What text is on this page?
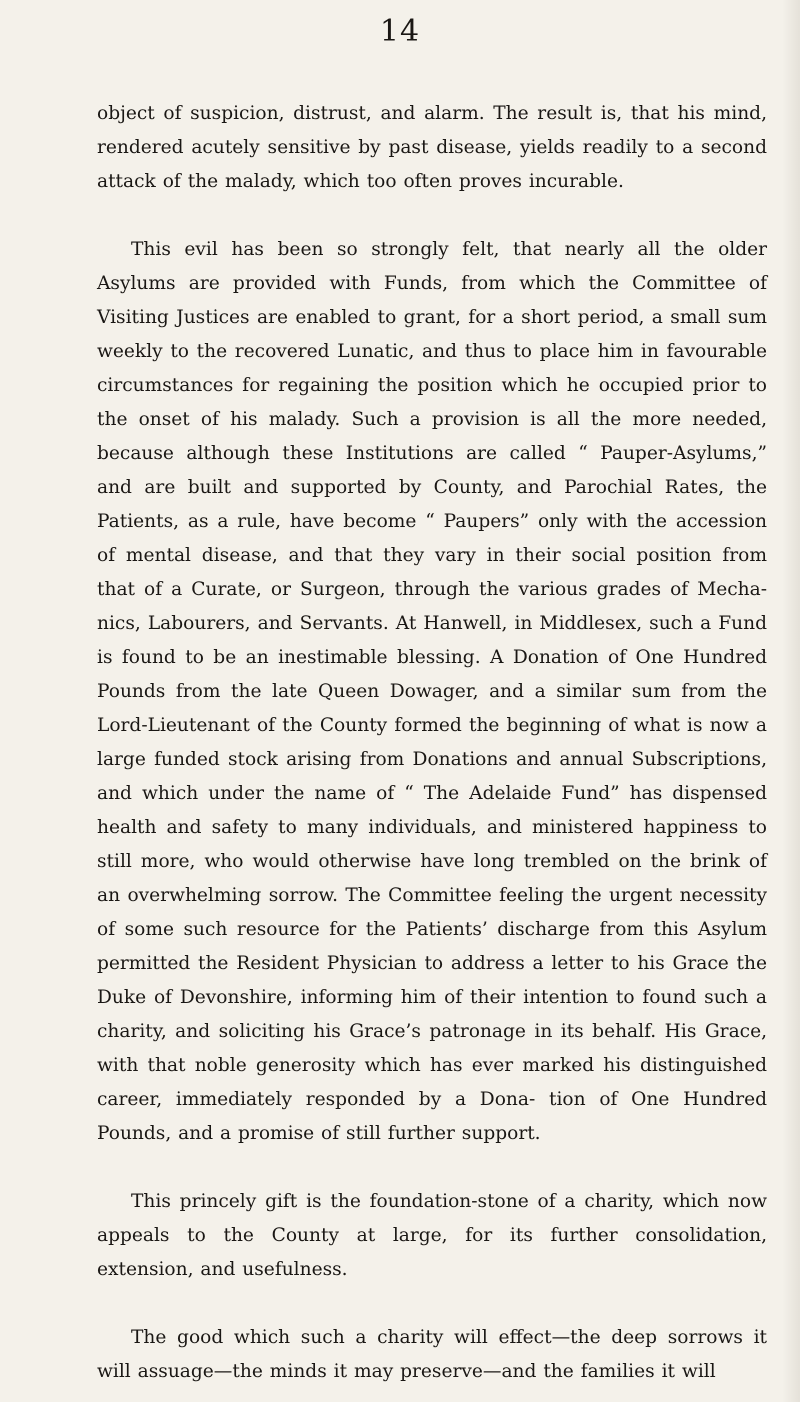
14

object of suspicion, distrust, and alarm. The result is, that his mind, rendered acutely sensitive by past disease, yields readily to a second attack of the malady, which too often proves incurable.

This evil has been so strongly felt, that nearly all the older Asylums are provided with Funds, from which the Committee of Visiting Justices are enabled to grant, for a short period, a small sum weekly to the recovered Lunatic, and thus to place him in favourable circumstances for regaining the position which he occupied prior to the onset of his malady. Such a provision is all the more needed, because although these Institutions are called “ Pauper-Asylums,” and are built and supported by County, and Parochial Rates, the Patients, as a rule, have become “ Paupers” only with the accession of mental disease, and that they vary in their social position from that of a Curate, or Surgeon, through the various grades of Mecha- nics, Labourers, and Servants. At Hanwell, in Middlesex, such a Fund is found to be an inestimable blessing. A Donation of One Hundred Pounds from the late Queen Dowager, and a similar sum from the Lord-Lieutenant of the County formed the beginning of what is now a large funded stock arising from Donations and annual Subscriptions, and which under the name of “ The Adelaide Fund” has dispensed health and safety to many individuals, and ministered happiness to still more, who would otherwise have long trembled on the brink of an overwhelming sorrow. The Committee feeling the urgent necessity of some such resource for the Patients’ discharge from this Asylum permitted the Resident Physician to address a letter to his Grace the Duke of Devonshire, informing him of their intention to found such a charity, and soliciting his Grace’s patronage in its behalf. His Grace, with that noble generosity which has ever marked his distinguished career, immediately responded by a Dona- tion of One Hundred Pounds, and a promise of still further support.

This princely gift is the foundation-stone of a charity, which now appeals to the County at large, for its further consolidation, extension, and usefulness.

The good which such a charity will effect—the deep sorrows it will assuage—the minds it may preserve—and the families it will
